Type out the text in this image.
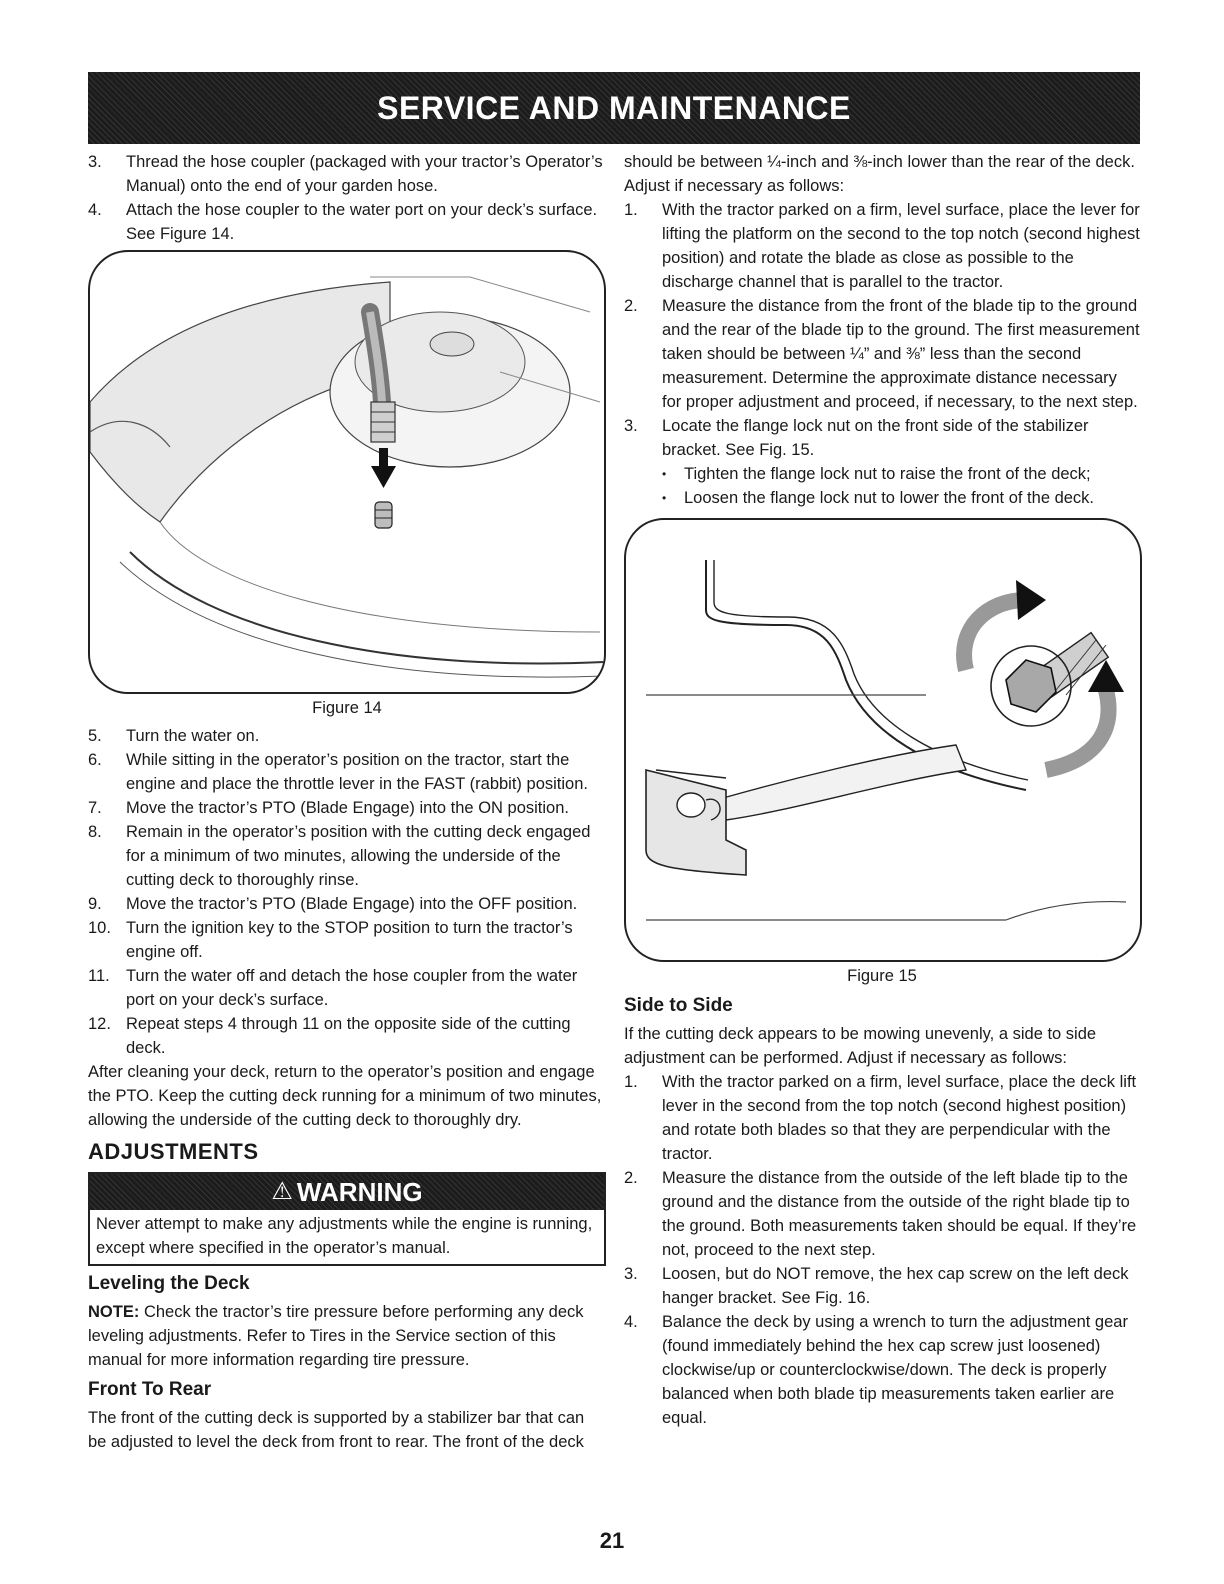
SERVICE AND MAINTENANCE
3.	Thread the hose coupler (packaged with your tractor’s Operator’s Manual) onto the end of your garden hose.
4.	Attach the hose coupler to the water port on your deck’s surface. See Figure 14.

Figure 14

5.	Turn the water on.
6.	While sitting in the operator’s position on the tractor, start the engine and place the throttle lever in the FAST (rabbit) position.
7.	Move the tractor’s PTO (Blade Engage) into the ON position.
8.	Remain in the operator’s position with the cutting deck engaged for a minimum of two minutes, allowing the underside of the cutting deck to thoroughly rinse.
9.	Move the tractor’s PTO (Blade Engage) into the OFF position.
10. Turn the ignition key to the STOP position to turn the tractor’s engine off.
11. Turn the water off and detach the hose coupler from the water port on your deck’s surface.
12. Repeat steps 4 through 11 on the opposite side of the cutting deck.

After cleaning your deck, return to the operator’s position and engage the PTO. Keep the cutting deck running for a minimum of two minutes, allowing the underside of the cutting deck to thoroughly dry.

ADJUSTMENTS
⚠ WARNING

Never attempt to make any adjustments while the engine is running, except where specified in the operator’s manual.

Leveling the Deck

NOTE: Check the tractor’s tire pressure before performing any deck leveling adjustments. Refer to Tires in the Service section of this manual for more information regarding tire pressure.

Front To Rear

The front of the cutting deck is supported by a stabilizer bar that can be adjusted to level the deck from front to rear. The front of the deck

should be between ¼-inch and ⅜-inch lower than the rear of the deck. Adjust if necessary as follows:

1.	With the tractor parked on a firm, level surface, place the lever for lifting the platform on the second to the top notch (second highest position) and rotate the blade as close as possible to the discharge channel that is parallel to the tractor.
2.	Measure the distance from the front of the blade tip to the ground and the rear of the blade tip to the ground. The first measurement taken should be between ¼” and ⅜” less than the second measurement. Determine the approximate distance necessary for proper adjustment and proceed, if necessary, to the next step.
3.	Locate the flange lock nut on the front side of the stabilizer bracket. See Fig. 15.
•	Tighten the flange lock nut to raise the front of the deck;
•	Loosen the flange lock nut to lower the front of the deck.

Figure 15

Side to Side

If the cutting deck appears to be mowing unevenly, a side to side adjustment can be performed. Adjust if necessary as follows:

1.	With the tractor parked on a firm, level surface, place the deck lift lever in the second from the top notch (second highest position) and rotate both blades so that they are perpendicular with the tractor.
2.	Measure the distance from the outside of the left blade tip to the ground and the distance from the outside of the right blade tip to the ground. Both measurements taken should be equal. If they’re not, proceed to the next step.
3.	Loosen, but do NOT remove, the hex cap screw on the left deck hanger bracket. See Fig. 16.
4.	Balance the deck by using a wrench to turn the adjustment gear (found immediately behind the hex cap screw just loosened) clockwise/up or counterclockwise/down. The deck is properly balanced when both blade tip measurements taken earlier are equal.
21
